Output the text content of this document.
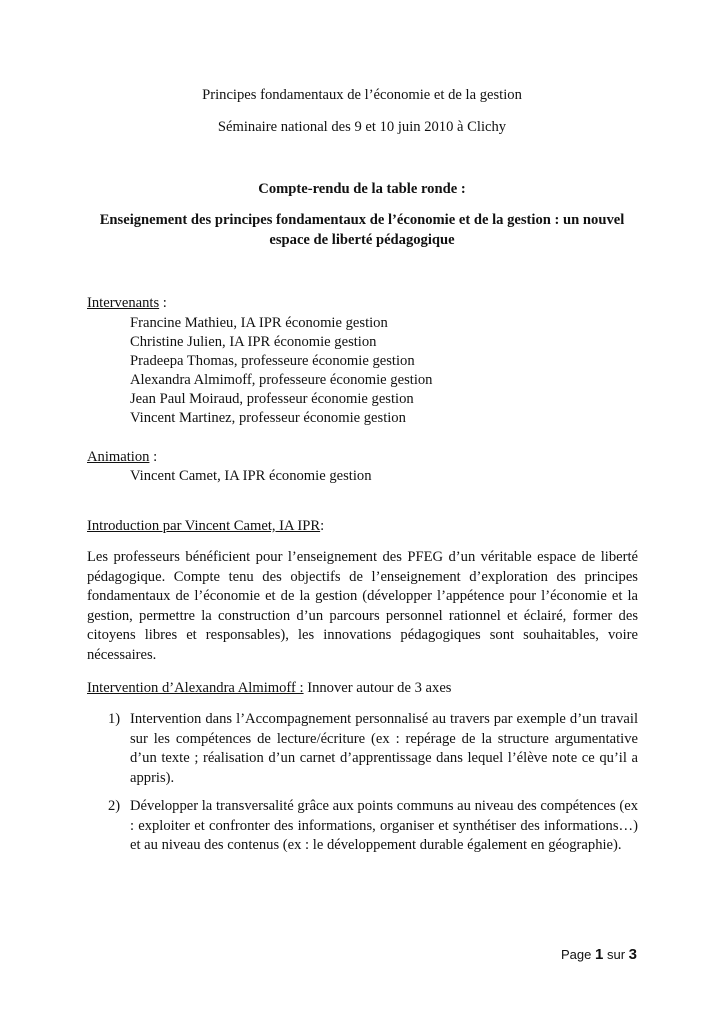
Principes fondamentaux de l’économie et de la gestion
Séminaire national des 9 et 10 juin 2010 à Clichy
Compte-rendu de la table ronde :
Enseignement des principes fondamentaux de l’économie et de la gestion : un nouvel
espace de liberté pédagogique
Intervenants :
Francine Mathieu, IA IPR économie gestion
Christine Julien, IA IPR économie gestion
Pradeepa Thomas, professeure économie gestion
Alexandra Almimoff, professeure économie gestion
Jean Paul Moiraud, professeur économie gestion
Vincent Martinez, professeur économie gestion
Animation :
Vincent Camet, IA IPR économie gestion
Introduction par Vincent Camet, IA IPR:
Les professeurs bénéficient pour l’enseignement des PFEG d’un véritable espace de liberté pédagogique. Compte tenu des objectifs de l’enseignement d’exploration des principes fondamentaux de l’économie et de la gestion (développer l’appétence pour l’économie et la gestion, permettre la construction d’un parcours personnel rationnel et éclairé, former des citoyens libres et responsables), les innovations pédagogiques sont souhaitables, voire nécessaires.
Intervention d’Alexandra Almimoff : Innover autour de 3 axes
1) Intervention dans l’Accompagnement personnalisé au travers par exemple d’un travail sur les compétences de lecture/écriture (ex : repérage de la structure argumentative d’un texte ; réalisation d’un carnet d’apprentissage dans lequel l’élève note ce qu’il a appris).
2) Développer la transversalité grâce aux points communs au niveau des compétences (ex : exploiter et confronter des informations, organiser et synthétiser des informations…) et au niveau des contenus (ex : le développement durable également en géographie).
Page 1 sur 3
